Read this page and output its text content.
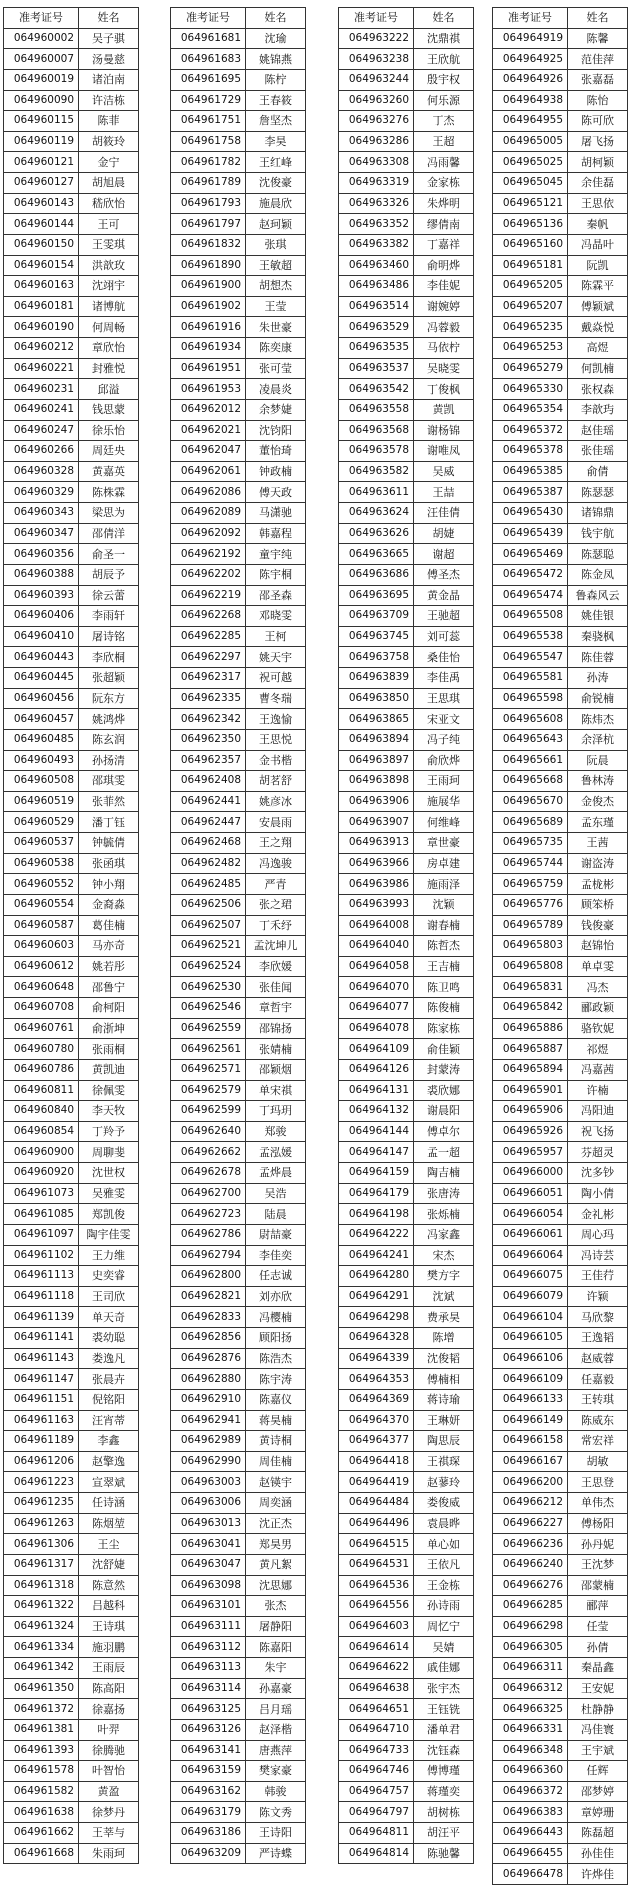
准考证号	姓名
064960002	吴子骐
064960007	汤曼慈
064960019	诸泊南
064960090	许洁栋
064960115	陈菲
064960119	胡筱玲
064960121	金宁
064960127	胡旭晨
064960143	嵇欣怡
064960144	王可
064960150	王雯琪
064960154	洪歆玫
064960163	沈翊宇
064960181	诸博航
064960190	何周畅
064960212	章欣怡
064960221	封雅悦
064960231	邱溢
064960241	钱思蒙
064960247	徐乐怡
064960266	周廷央
064960328	黄嘉英
064960329	陈株霖
064960343	梁思为
064960347	邵倩洋
064960356	俞圣一
064960388	胡辰予
064960393	徐云蕾
064960406	李雨轩
064960410	屠诗铭
064960443	李欣桐
064960445	张超颖
064960456	阮东方
064960457	姚鸿烨
064960485	陈玄润
064960493	孙扬清
064960508	邵琪雯
064960519	张菲然
064960529	潘丁钰
064960537	钟毓倩
064960538	张函琪
064960552	钟小翔
064960554	金裔淼
064960587	葛佳楠
064960603	马亦奇
064960612	姚若彤
064960648	邵鲁宁
064960708	俞柯阳
064960761	俞浙坤
064960780	张雨桐
064960786	黄凯迪
064960811	徐佩雯
064960840	李天牧
064960854	丁羚予
064960900	周聊斐
064960920	沈世权
064961073	吴雅雯
064961085	郑凯俊
064961097	陶宇佳雯
064961102	王力维
064961113	史奕睿
064961118	王司欣
064961139	单天奇
064961141	裘幼聪
064961143	娄逸凡
064961147	张晨卉
064961151	倪铭阳
064961163	汪宵蒂
064961189	李鑫
064961206	赵擎逸
064961223	宣翠斌
064961235	任诗涵
064961263	陈烟堃
064961306	王尘
064961317	沈舒婕
064961318	陈意然
064961322	吕越科
064961324	王诗琪
064961334	施羽鹏
064961342	王雨辰
064961350	陈高阳
064961372	徐嘉扬
064961381	叶羿
064961393	徐腾驰
064961578	叶智怡
064961582	黄盈
064961638	徐梦丹
064961662	王莘与
064961668	朱雨珂
准考证号	姓名
064961681	沈瑜
064961683	姚锦燕
064961695	陈柠
064961729	王春筱
064961751	詹坚杰
064961758	李昊
064961782	王红峰
064961789	沈俊豪
064961793	施晨欣
064961797	赵珂颖
064961832	张琪
064961890	王敏超
064961900	胡想杰
064961902	王莹
064961916	朱世豪
064961934	陈奕康
064961951	张可莹
064961953	凌晨炎
064962012	余梦婕
064962021	沈钧阳
064962047	董怡琦
064962061	钟政楠
064962086	傅天政
064962089	马潇驰
064962092	韩嘉程
064962192	童宇纯
064962202	陈宇桐
064962219	邵圣森
064962268	邓晓雯
064962285	王柯
064962297	姚天宇
064962317	祝可越
064962335	曹冬瑞
064962342	王逸愉
064962350	王思悦
064962357	金书楷
064962408	胡茗舒
064962441	姚彦冰
064962447	安晨雨
064962468	王之翔
064962482	冯逸骏
064962485	严青
064962506	张之珺
064962507	丁禾纾
064962521	孟沈坤儿
064962524	李欣媛
064962530	张佳闻
064962546	章哲宇
064962559	邵锦扬
064962561	张婧楠
064962571	邵颖烟
064962579	单宋祺
064962599	丁玛玥
064962640	郑骏
064962662	孟泓媛
064962678	孟烨晨
064962700	吴浩
064962723	陆晨
064962786	尉喆豪
064962794	李佳奕
064962800	任志诚
064962821	刘亦欣
064962833	冯樱楠
064962856	顾阳扬
064962876	陈浩杰
064962880	陈宇涛
064962910	陈嘉仪
064962941	蒋昊楠
064962989	黄诗桐
064962990	周佳楠
064963003	赵锳宇
064963006	周奕涵
064963013	沈正杰
064963041	郑昊男
064963047	黄凡絮
064963098	沈思娜
064963101	张杰
064963111	屠静阳
064963112	陈嘉阳
064963113	朱宇
064963114	孙嘉豪
064963125	吕月瑶
064963126	赵泽楷
064963141	唐燕萍
064963159	樊家豪
064963162	韩骏
064963179	陈文秀
064963186	王诗阳
064963209	严诗蝶
准考证号	姓名
064963222	沈鼎祺
064963238	王欣航
064963244	殷宇权
064963260	何乐源
064963276	丁杰
064963286	王超
064963308	冯雨馨
064963319	金家栋
064963326	朱烨明
064963352	缪倩南
064963382	丁嘉祥
064963460	俞明烨
064963486	李佳妮
064963514	谢婉婷
064963529	冯蓉毅
064963535	马依柠
064963537	吴晓雯
064963542	丁俊枫
064963558	黄凯
064963568	谢杨锦
064963578	谢唯凤
064963582	吴威
064963611	王喆
064963624	汪佳倩
064963626	胡婕
064963665	谢超
064963686	傅圣杰
064963695	黄金晶
064963709	王驰超
064963745	刘可蕊
064963758	桑佳怡
064963839	李佳禹
064963850	王思琪
064963865	宋亚文
064963894	冯子纯
064963897	俞欣烨
064963898	王雨珂
064963906	施展华
064963907	何维峰
064963913	章世豪
064963966	房卓建
064963986	施雨泽
064963993	沈颖
064964008	谢春楠
064964040	陈哲杰
064964058	王吉楠
064964070	陈卫鸣
064964077	陈俊楠
064964078	陈家栋
064964109	俞佳颖
064964126	封蒙涛
064964131	裘欣娜
064964132	谢晨阳
064964144	傅卓尔
064964147	孟一超
064964159	陶吉楠
064964179	张唐涛
064964198	张烁楠
064964222	冯家鑫
064964241	宋杰
064964280	樊方字
064964291	沈斌
064964298	费承昊
064964328	陈增
064964339	沈俊韬
064964353	傅楠相
064964369	蒋诗瑜
064964370	王琳妍
064964377	陶思辰
064964418	王祺琛
064964419	赵蓼玲
064964484	娄俊威
064964496	袁晨晔
064964515	单心如
064964531	王依凡
064964536	王金栋
064964556	孙诗雨
064964603	周忆宁
064964614	吴婧
064964622	戚佳娜
064964638	张宇杰
064964651	王钰铣
064964710	潘单君
064964733	沈钰森
064964746	傅博瑾
064964757	蒋瑾奕
064964797	胡树栋
064964811	胡汪平
064964814	陈驰馨
准考证号	姓名
064964919	陈馨
064964925	范佳萍
064964926	张嘉磊
064964938	陈怡
064964955	陈可欣
064965005	屠飞扬
064965025	胡柯颖
064965045	余佳磊
064965121	王思依
064965136	秦帆
064965160	冯晶叶
064965181	阮凯
064965205	陈霖平
064965207	傅颖斌
064965235	戴焱悦
064965253	高煜
064965279	何凯楠
064965330	张权森
064965354	李歆玙
064965372	赵佳瑶
064965378	张佳瑶
064965385	俞倩
064965387	陈瑟瑟
064965430	诸锦鼎
064965439	钱宇航
064965469	陈瑟聪
064965472	陈金凤
064965474	鲁森风云
064965508	姚佳银
064965538	秦骁枫
064965547	陈佳蓉
064965581	孙涛
064965598	俞锐楠
064965608	陈炜杰
064965643	余泽杭
064965661	阮晨
064965668	鲁林涛
064965670	金俊杰
064965689	孟东瑾
064965735	王茜
064965744	谢盗涛
064965759	孟栊彬
064965776	顾笨桥
064965789	钱俊豪
064965803	赵锦怡
064965808	单卓雯
064965831	冯杰
064965842	郦政颖
064965886	骆钦妮
064965887	祁煜
064965894	冯嘉茜
064965901	许楠
064965906	冯阳迪
064965926	祝飞扬
064965957	芬超灵
064966000	沈多钞
064966051	陶小倩
064966054	金礼彬
064966061	周心玛
064966064	冯诗芸
064966075	王佳荇
064966079	许颖
064966104	马欣黎
064966105	王逸韬
064966106	赵威蓉
064966109	任嘉毅
064966133	王转琪
064966149	陈威东
064966158	常宏祥
064966167	胡敏
064966200	王思登
064966212	单伟杰
064966227	傅杨阳
064966236	孙丹妮
064966240	王沈梦
064966276	邵蒙楠
064966285	郦萍
064966298	任莹
064966305	孙倩
064966311	秦晶鑫
064966312	王安妮
064966325	杜静静
064966331	冯佳寰
064966348	王宇斌
064966360	任辉
064966372	邵梦婷
064966383	章婷珊
064966443	陈磊超
064966455	孙佳佳
064966478	许烨佳
